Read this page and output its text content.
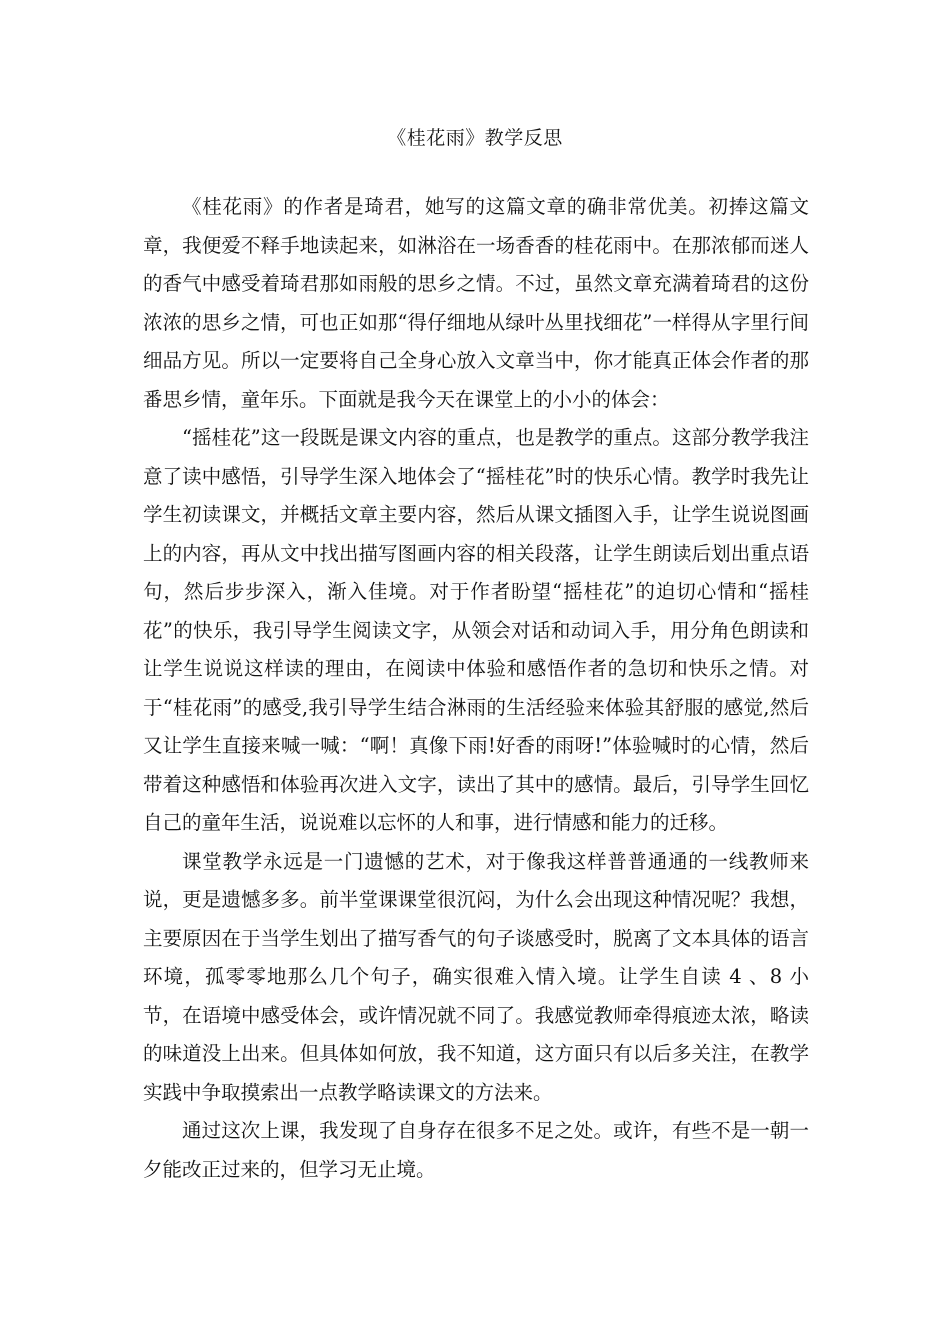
《桂花雨》教学反思

《桂花雨》的作者是琦君，她写的这篇文章的确非常优美。初捧这篇文章，我便爱不释手地读起来，如淋浴在一场香香的桂花雨中。在那浓郁而迷人的香气中感受着琦君那如雨般的思乡之情。不过，虽然文章充满着琦君的这份浓浓的思乡之情，可也正如那“得仔细地从绿叶丛里找细花”一样得从字里行间细品方见。所以一定要将自己全身心放入文章当中，你才能真正体会作者的那番思乡情，童年乐。下面就是我今天在课堂上的小小的体会：

“摇桂花”这一段既是课文内容的重点，也是教学的重点。这部分教学我注意了读中感悟，引导学生深入地体会了“摇桂花”时的快乐心情。教学时我先让学生初读课文，并概括文章主要内容，然后从课文插图入手，让学生说说图画上的内容，再从文中找出描写图画内容的相关段落，让学生朗读后划出重点语句，然后步步深入，渐入佳境。对于作者盼望“摇桂花”的迫切心情和“摇桂花”的快乐，我引导学生阅读文字，从领会对话和动词入手，用分角色朗读和让学生说说这样读的理由，在阅读中体验和感悟作者的急切和快乐之情。对于“桂花雨”的感受,我引导学生结合淋雨的生活经验来体验其舒服的感觉,然后又让学生直接来喊一喊：“啊！真像下雨!好香的雨呀!”体验喊时的心情，然后带着这种感悟和体验再次进入文字，读出了其中的感情。最后，引导学生回忆自己的童年生活，说说难以忘怀的人和事，进行情感和能力的迁移。

课堂教学永远是一门遗憾的艺术，对于像我这样普普通通的一线教师来说，更是遗憾多多。前半堂课课堂很沉闷，为什么会出现这种情况呢？我想，主要原因在于当学生划出了描写香气的句子谈感受时，脱离了文本具体的语言环境，孤零零地那么几个句子，确实很难入情入境。让学生自读 4 、8 小节，在语境中感受体会，或许情况就不同了。我感觉教师牵得痕迹太浓，略读的味道没上出来。但具体如何放，我不知道，这方面只有以后多关注，在教学实践中争取摸索出一点教学略读课文的方法来。

通过这次上课，我发现了自身存在很多不足之处。或许，有些不是一朝一夕能改正过来的，但学习无止境。
